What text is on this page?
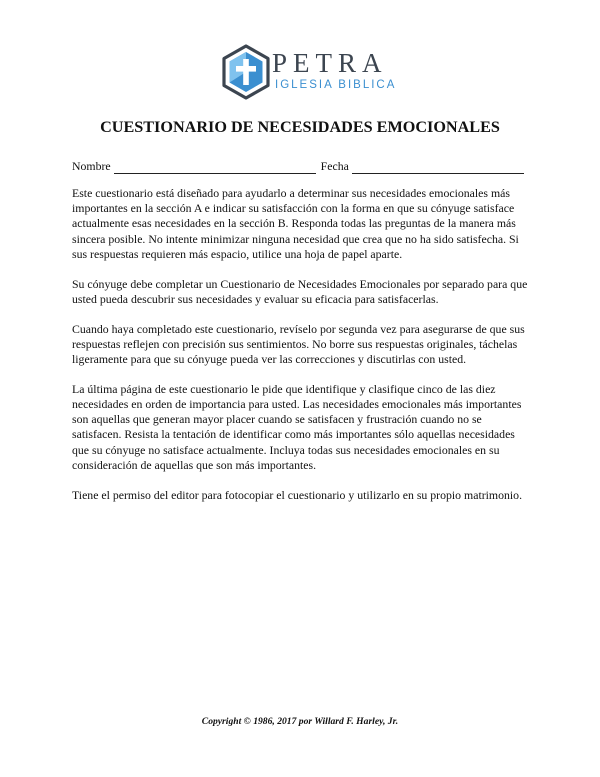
PETRA
IGLESIA BIBLICA
CUESTIONARIO DE NECESIDADES EMOCIONALES
Nombre	Fecha

Este cuestionario está diseñado para ayudarlo a determinar sus necesidades emocionales más
importantes en la sección A e indicar su satisfacción con la forma en que su cónyuge satisface
actualmente esas necesidades en la sección B. Responda todas las preguntas de la manera más
sincera posible. No intente minimizar ninguna necesidad que crea que no ha sido satisfecha. Si
sus respuestas requieren más espacio, utilice una hoja de papel aparte.

Su cónyuge debe completar un Cuestionario de Necesidades Emocionales por separado para que
usted pueda descubrir sus necesidades y evaluar su eficacia para satisfacerlas.

Cuando haya completado este cuestionario, revíselo por segunda vez para asegurarse de que sus
respuestas reflejen con precisión sus sentimientos. No borre sus respuestas originales, táchelas
ligeramente para que su cónyuge pueda ver las correcciones y discutirlas con usted.

La última página de este cuestionario le pide que identifique y clasifique cinco de las diez
necesidades en orden de importancia para usted. Las necesidades emocionales más importantes
son aquellas que generan mayor placer cuando se satisfacen y frustración cuando no se
satisfacen. Resista la tentación de identificar como más importantes sólo aquellas necesidades
que su cónyuge no satisface actualmente. Incluya todas sus necesidades emocionales en su
consideración de aquellas que son más importantes.

Tiene el permiso del editor para fotocopiar el cuestionario y utilizarlo en su propio matrimonio.

Copyright © 1986, 2017 por Willard F. Harley, Jr.
